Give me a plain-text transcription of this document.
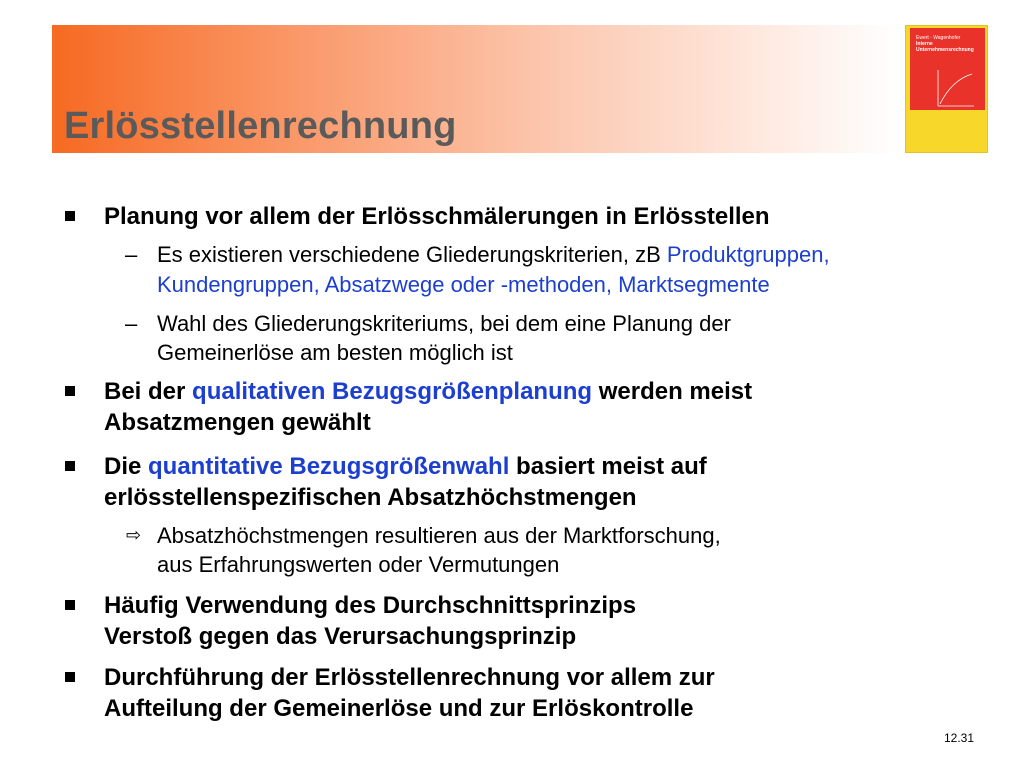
Erlösstellenrechnung
Ewert · Wagenhofer
Interne
Unternehmensrechnung
Planung vor allem der Erlösschmälerungen in Erlösstellen
– Es existieren verschiedene Gliederungskriterien, zB Produktgruppen,
Kundengruppen, Absatzwege oder -methoden, Marktsegmente
– Wahl des Gliederungskriteriums, bei dem eine Planung der
Gemeinerlöse am besten möglich ist
Bei der qualitativen Bezugsgrößenplanung werden meist
Absatzmengen gewählt
Die quantitative Bezugsgrößenwahl basiert meist auf
erlösstellenspezifischen Absatzhöchstmengen
⇨ Absatzhöchstmengen resultieren aus der Marktforschung,
aus Erfahrungswerten oder Vermutungen
Häufig Verwendung des Durchschnittsprinzips
Verstoß gegen das Verursachungsprinzip
Durchführung der Erlösstellenrechnung vor allem zur
Aufteilung der Gemeinerlöse und zur Erlöskontrolle
12.31
